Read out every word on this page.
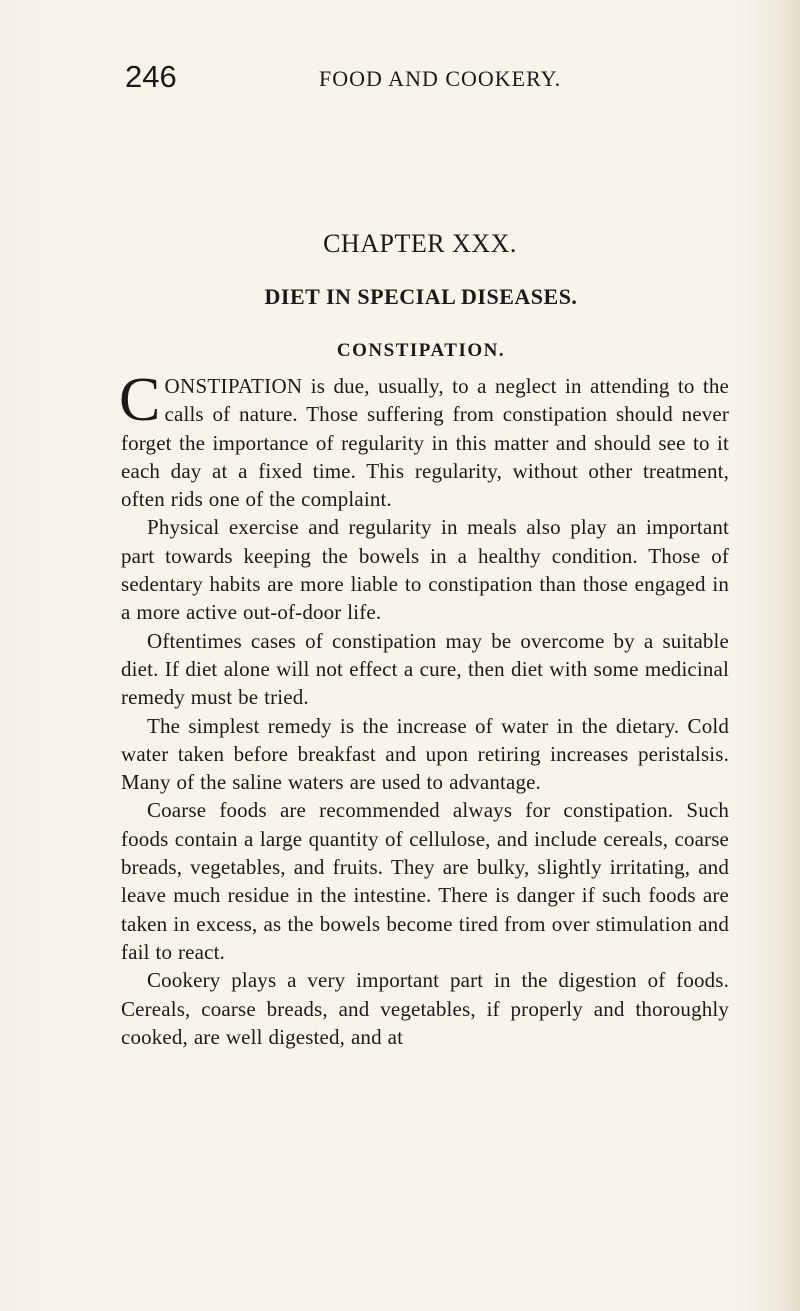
246	FOOD AND COOKERY.
CHAPTER XXX.
DIET IN SPECIAL DISEASES.
CONSTIPATION.

CONSTIPATION is due, usually, to a neglect in attending to the calls of nature. Those suffering from constipation should never forget the importance of regularity in this matter and should see to it each day at a fixed time. This regularity, without other treatment, often rids one of the complaint.

Physical exercise and regularity in meals also play an important part towards keeping the bowels in a healthy condition. Those of sedentary habits are more liable to constipation than those engaged in a more active out-of-door life.

Oftentimes cases of constipation may be overcome by a suitable diet. If diet alone will not effect a cure, then diet with some medicinal remedy must be tried.

The simplest remedy is the increase of water in the dietary. Cold water taken before breakfast and upon retiring increases peristalsis. Many of the saline waters are used to advantage.

Coarse foods are recommended always for constipation. Such foods contain a large quantity of cellulose, and include cereals, coarse breads, vegetables, and fruits. They are bulky, slightly irritating, and leave much residue in the intestine. There is danger if such foods are taken in excess, as the bowels become tired from over stimulation and fail to react.

Cookery plays a very important part in the digestion of foods. Cereals, coarse breads, and vegetables, if properly and thoroughly cooked, are well digested, and at
